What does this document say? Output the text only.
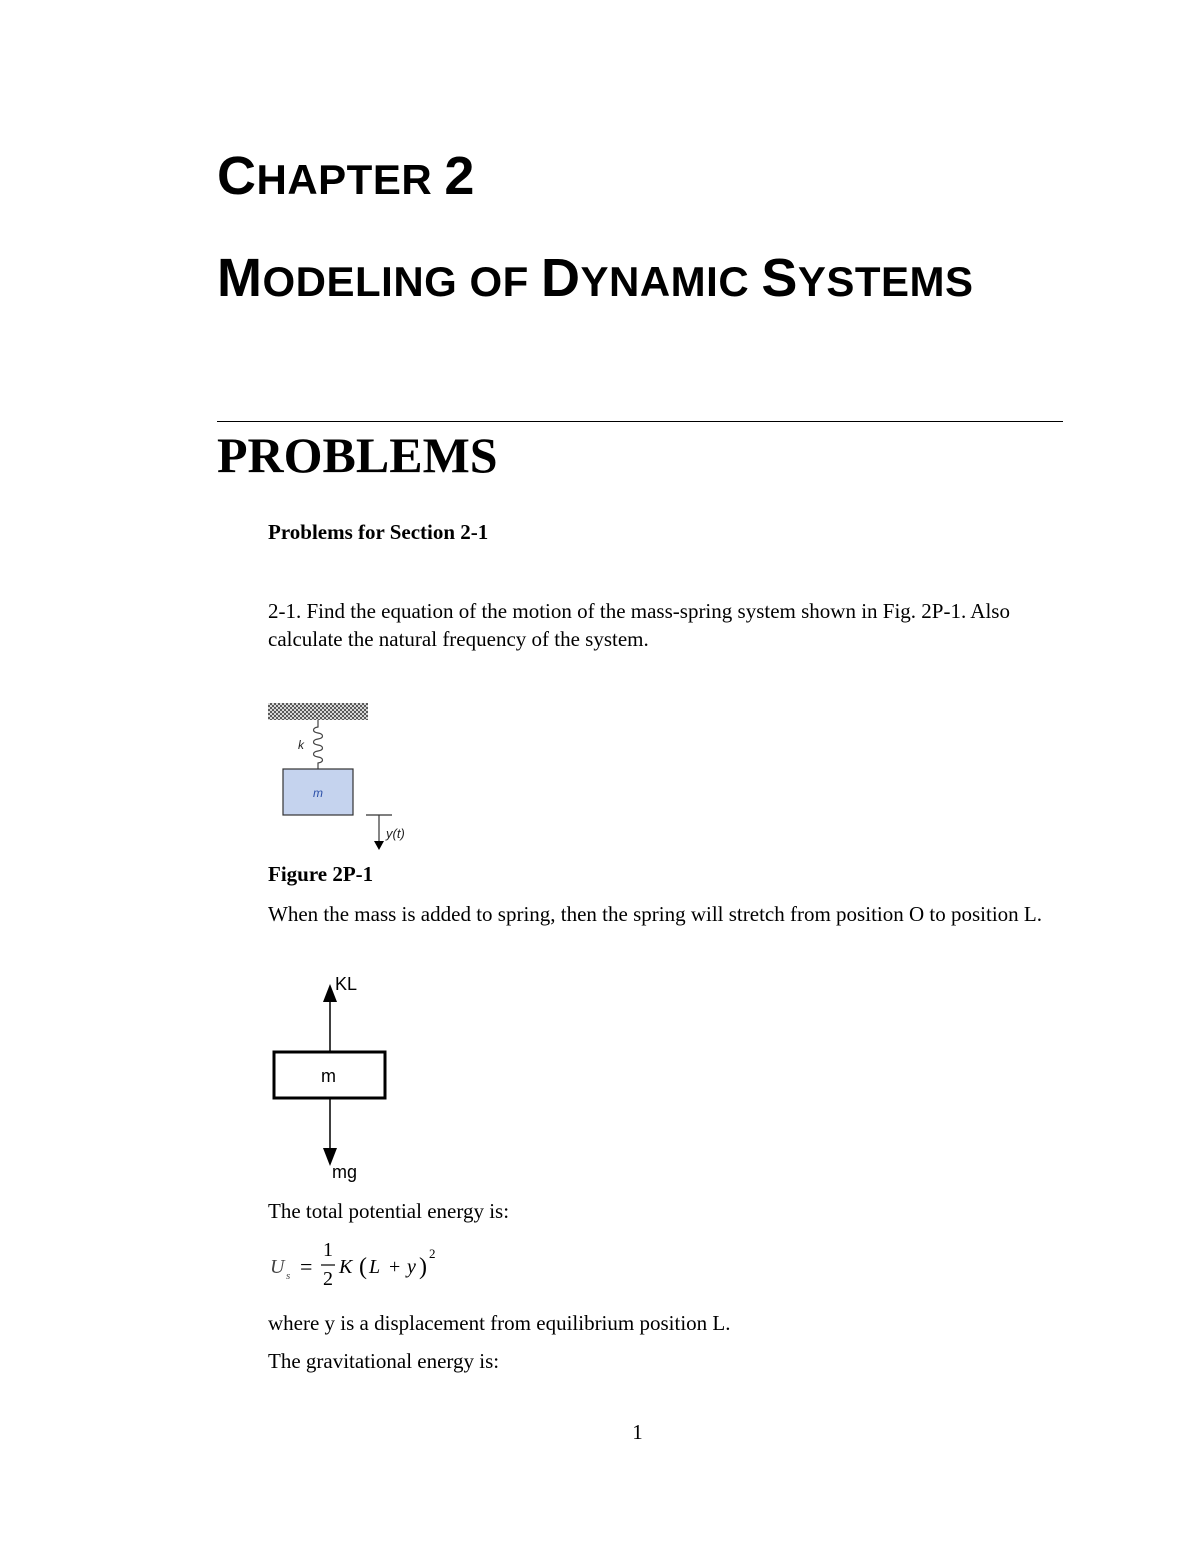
CHAPTER 2
MODELING OF DYNAMIC SYSTEMS
PROBLEMS
Problems for Section 2-1
2-1. Find the equation of the motion of the mass-spring system shown in Fig. 2P-1. Also calculate the natural frequency of the system.
k
m
y(t)
Figure 2P-1
When the mass is added to spring, then the spring will stretch from position O to position L.
KL
m
mg
The total potential energy is:
U s =
1
2
K ( L + y )
2
where y is a displacement from equilibrium position L.
The gravitational energy is:
1
